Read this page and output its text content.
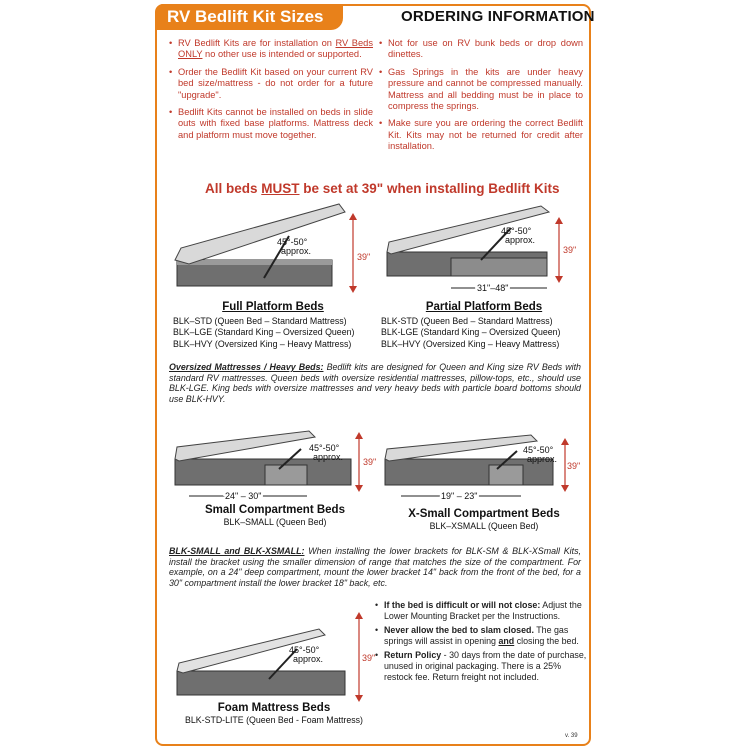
RV Bedlift Kit Sizes	ORDERING INFORMATION
• RV Bedlift Kits are for installation on RV Beds ONLY no other use is intended or supported.
• Order the Bedlift Kit based on your current RV bed size/mattress - do not order for a future "upgrade".
• Bedlift Kits cannot be installed on beds in slide outs with fixed base platforms. Mattress deck and platform must move together.
• Not for use on RV bunk beds or drop down dinettes.
• Gas Springs in the kits are under heavy pressure and cannot be compressed manually. Mattress and all bedding must be in place to compress the springs.
• Make sure you are ordering the correct Bedlift Kit. Kits may not be returned for credit after installation.
All beds MUST be set at 39" when installing Bedlift Kits
45°-50°
approx.
39"
Full Platform Beds
BLK–STD (Queen Bed – Standard Mattress)
BLK–LGE (Standard King – Oversized Queen)
BLK–HVY (Oversized King – Heavy Mattress)
45°-50°
approx.
39"
31"–48"
Partial Platform Beds
BLK-STD (Queen Bed – Standard Mattress)
BLK-LGE (Standard King – Oversized Queen)
BLK–HVY (Oversized King – Heavy Mattress)
Oversized Mattresses / Heavy Beds: Bedlift kits are designed for Queen and King size RV Beds with standard RV mattresses. Queen beds with oversize residential mattresses, pillow-tops, etc., should use BLK-LGE. King beds with oversize mattresses and very heavy beds with particle board bottoms should use BLK-HVY.
45°-50°
approx. 39"
24" – 30"
Small Compartment Beds
BLK–SMALL (Queen Bed)
45°-50°
approx.
39"
19" – 23"
X-Small Compartment Beds
BLK–XSMALL (Queen Bed)
BLK-SMALL and BLK-XSMALL: When installing the lower brackets for BLK-SM & BLK-XSmall Kits, install the bracket using the smaller dimension of range that matches the size of the compartment. For example, on a 24" deep compartment, mount the lower bracket 14" back from the front of the bed, for a 30" compartment install the lower bracket 18" back, etc.
45°-50°
approx.	39"
Foam Mattress Beds
BLK-STD-LITE (Queen Bed - Foam Mattress)
• If the bed is difficult or will not close: Adjust the Lower Mounting Bracket per the Instructions.
• Never allow the bed to slam closed. The gas springs will assist in opening and closing the bed.
• Return Policy - 30 days from the date of purchase, unused in original packaging. There is a 25% restock fee. Return freight not included.
v. 39
